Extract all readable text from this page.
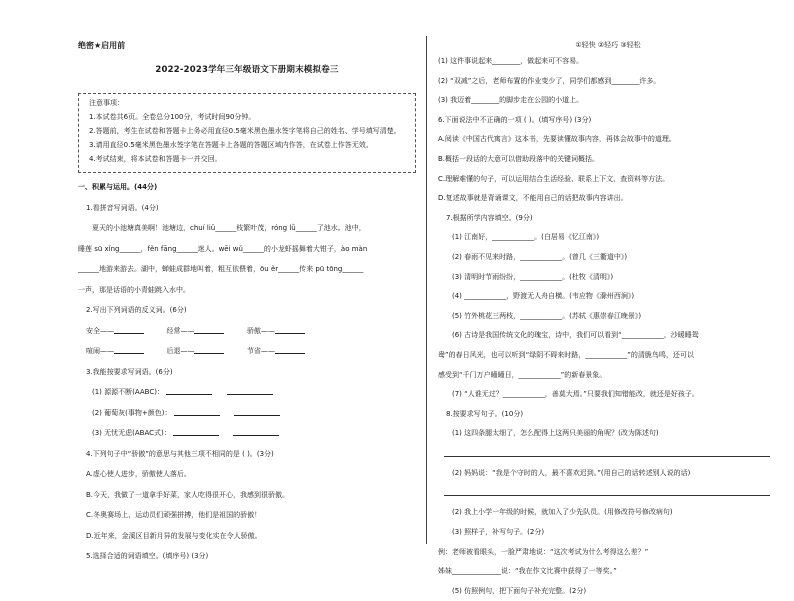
绝密★启用前
2022-2023学年三年级语文下册期末模拟卷三
注意事项：
1.本试卷共6页。全卷总分100分，考试时间90分钟。
2.答题前，考生在试卷和答题卡上务必用直径0.5毫米黑色墨水签字笔将自己的姓名、学号填写清楚。
3.请用直径0.5毫米黑色墨水签字笔在答题卡上各题的答题区域内作答，在试卷上作答无效。
4.考试结束，将本试卷和答题卡一并交回。
一、积累与运用。(44分)
1.看拼音写词语。(4分)
夏天的小池塘真美啊！池塘边，chuí liǔ______枝繁叶茂，róng lǜ______了池水。池中，
睡莲 sū xǐng______，fěn fāng______迷人。wēi wǔ______的小龙虾摇舞着大钳子，ào màn
______地游来游去。湖中，蝉蛙成群地叫着，粗互依偎着，ōu ěr______传来 pū tōng______
一声，那是话语的小青蛙跳入水中。
2.写出下列词语的反义词。(6分)
安全——	经常——	骄傲——
喧闹——	后退——	节省——
3.我能按要求写词语。(6分)
(1) 源源不断(AABC)：
(2) 葡萄灰(事物+颜色)：
(3) 无忧无虑(ABAC式)：
4.下列句子中“骄傲”的意思与其他三项不相同的是 ( )。(3分)
A.虚心使人进步，骄傲使人落后。
B.今天，我做了一道拿手好菜，家人吃得很开心，我感到很骄傲。
C.冬奥赛场上，运动员们顽强拼搏，他们是祖国的骄傲！
D.近年来，金溪区目新月异的发展与变化实在令人骄傲。
5.选择合适的词语填空。(填序号) (3分)
①轻快 ②轻巧 ③轻松
(1) 这件事说起来________，做起来可不容易。
(2) “双减”之后，老师布置的作业变少了，同学们都感到________许多。
(3) 我迈着________的脚步走在公园的小道上。
6.下面说法中不正确的一项 ( )。(填写序号) (3分)
A.阅读《中国古代寓言》这本书，先要读懂故事内容，再体会故事中的道理。
B.概括一段话的大意可以借助段落中的关键词概括。
C.理解难懂的句子，可以运用结合生活经验、联系上下文、查资料等方法。
D.复述故事就是背诵课文，不能用自己的话把故事内容讲出。
7.根据所学内容填空。(9分)
(1) 江南好，____________。(白居易《忆江南》)
(2) 春雨不见来时路，____________。(曾几《三衢道中》)
(3) 清明时节雨纷纷，____________。(杜牧《清明》)
(4) ____________，野渡无人舟自横。(韦应物《滁州西涧》)
(5) 竹外桃花三两枝，____________。(苏轼《惠崇春江晚景》)
(6) 古诗是我国传统文化的瑰宝，诗中，我们可以看到“____________，沙暖睡鸳
鸯”的春日风光，也可以听到“绿阴不碍来时路，____________”的清脆鸟鸣，还可以
感受到“千门万户曈曈日，____________”的新春景象。
(7) “人谁无过？____________，善莫大焉。”只要我们知错能改，就还是好孩子。
8.按要求写句子。(10分)
(1) 这四条腿太细了，怎么配得上这两只美丽的角呢？(改为陈述句)
(2) 妈妈说：“我是个守时的人，最不喜欢迟到。”(用自己的话转述别人说的话)
(2) 我上小学一年级的时候，就加入了少先队员。(用修改符号修改病句)
(3) 照样子，补写句子。(2分)
例：老师被看眼头，一脸严肃地说：“这次考试为什么考得这么差？”
姊妹______________说：“我在作文比赛中获得了一等奖。”
(5) 仿照例句，把下面句子补充完整。(2分)
